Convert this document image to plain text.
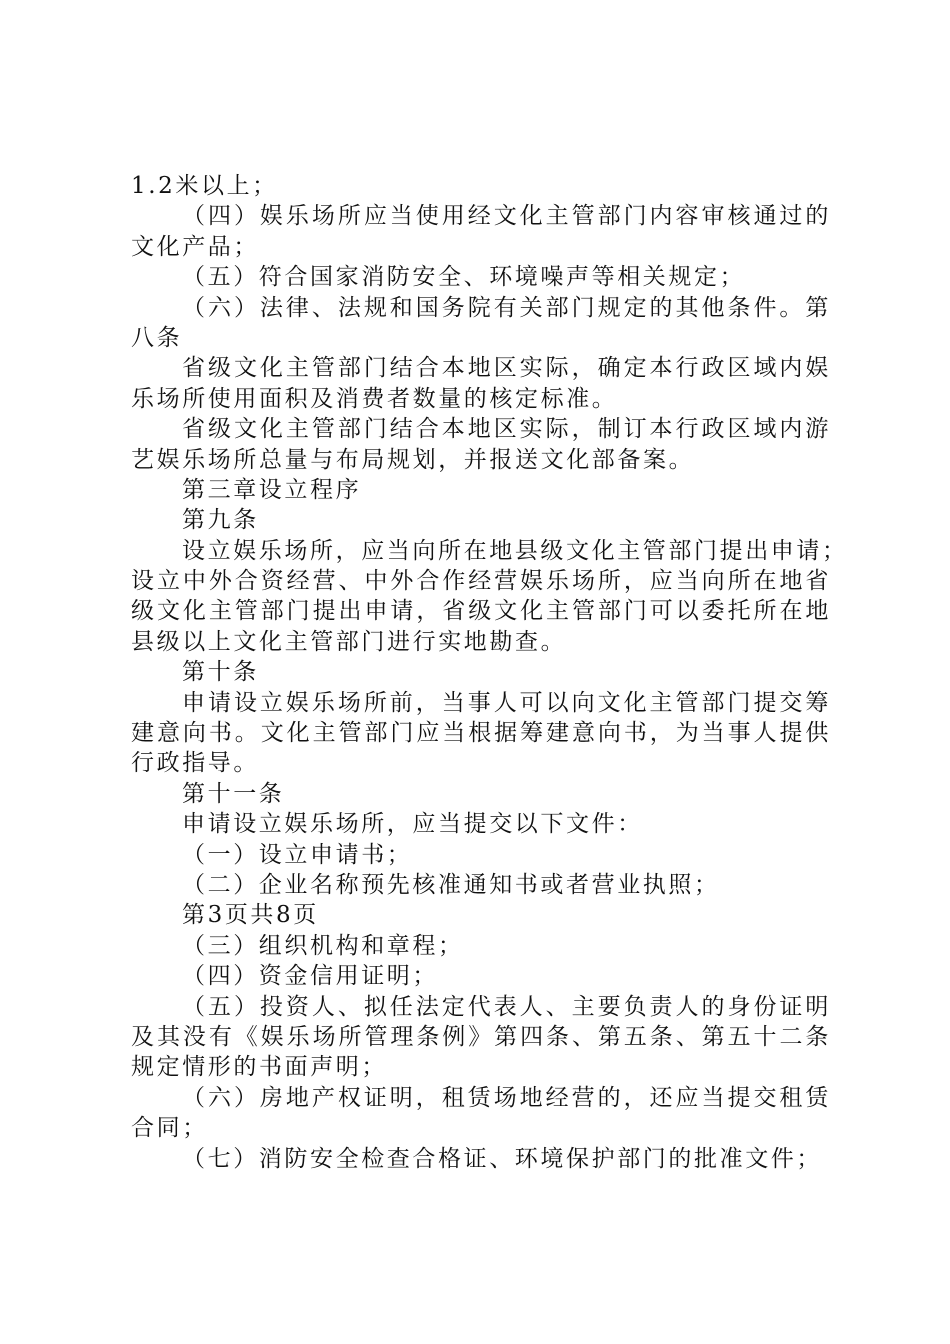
1.2米以上；

（四）娱乐场所应当使用经文化主管部门内容审核通过的

文化产品；

（五）符合国家消防安全、环境噪声等相关规定；

（六）法律、法规和国务院有关部门规定的其他条件。第

八条

省级文化主管部门结合本地区实际，确定本行政区域内娱

乐场所使用面积及消费者数量的核定标准。

省级文化主管部门结合本地区实际，制订本行政区域内游

艺娱乐场所总量与布局规划，并报送文化部备案。

第三章设立程序

第九条

设立娱乐场所，应当向所在地县级文化主管部门提出申请；

设立中外合资经营、中外合作经营娱乐场所，应当向所在地省

级文化主管部门提出申请，省级文化主管部门可以委托所在地

县级以上文化主管部门进行实地勘查。

第十条

申请设立娱乐场所前，当事人可以向文化主管部门提交筹

建意向书。文化主管部门应当根据筹建意向书，为当事人提供

行政指导。

第十一条

申请设立娱乐场所，应当提交以下文件：

（一）设立申请书；

（二）企业名称预先核准通知书或者营业执照；

第3页共8页

（三）组织机构和章程；

（四）资金信用证明；

（五）投资人、拟任法定代表人、主要负责人的身份证明

及其没有《娱乐场所管理条例》第四条、第五条、第五十二条

规定情形的书面声明；

（六）房地产权证明，租赁场地经营的，还应当提交租赁

合同；

（七）消防安全检查合格证、环境保护部门的批准文件；
